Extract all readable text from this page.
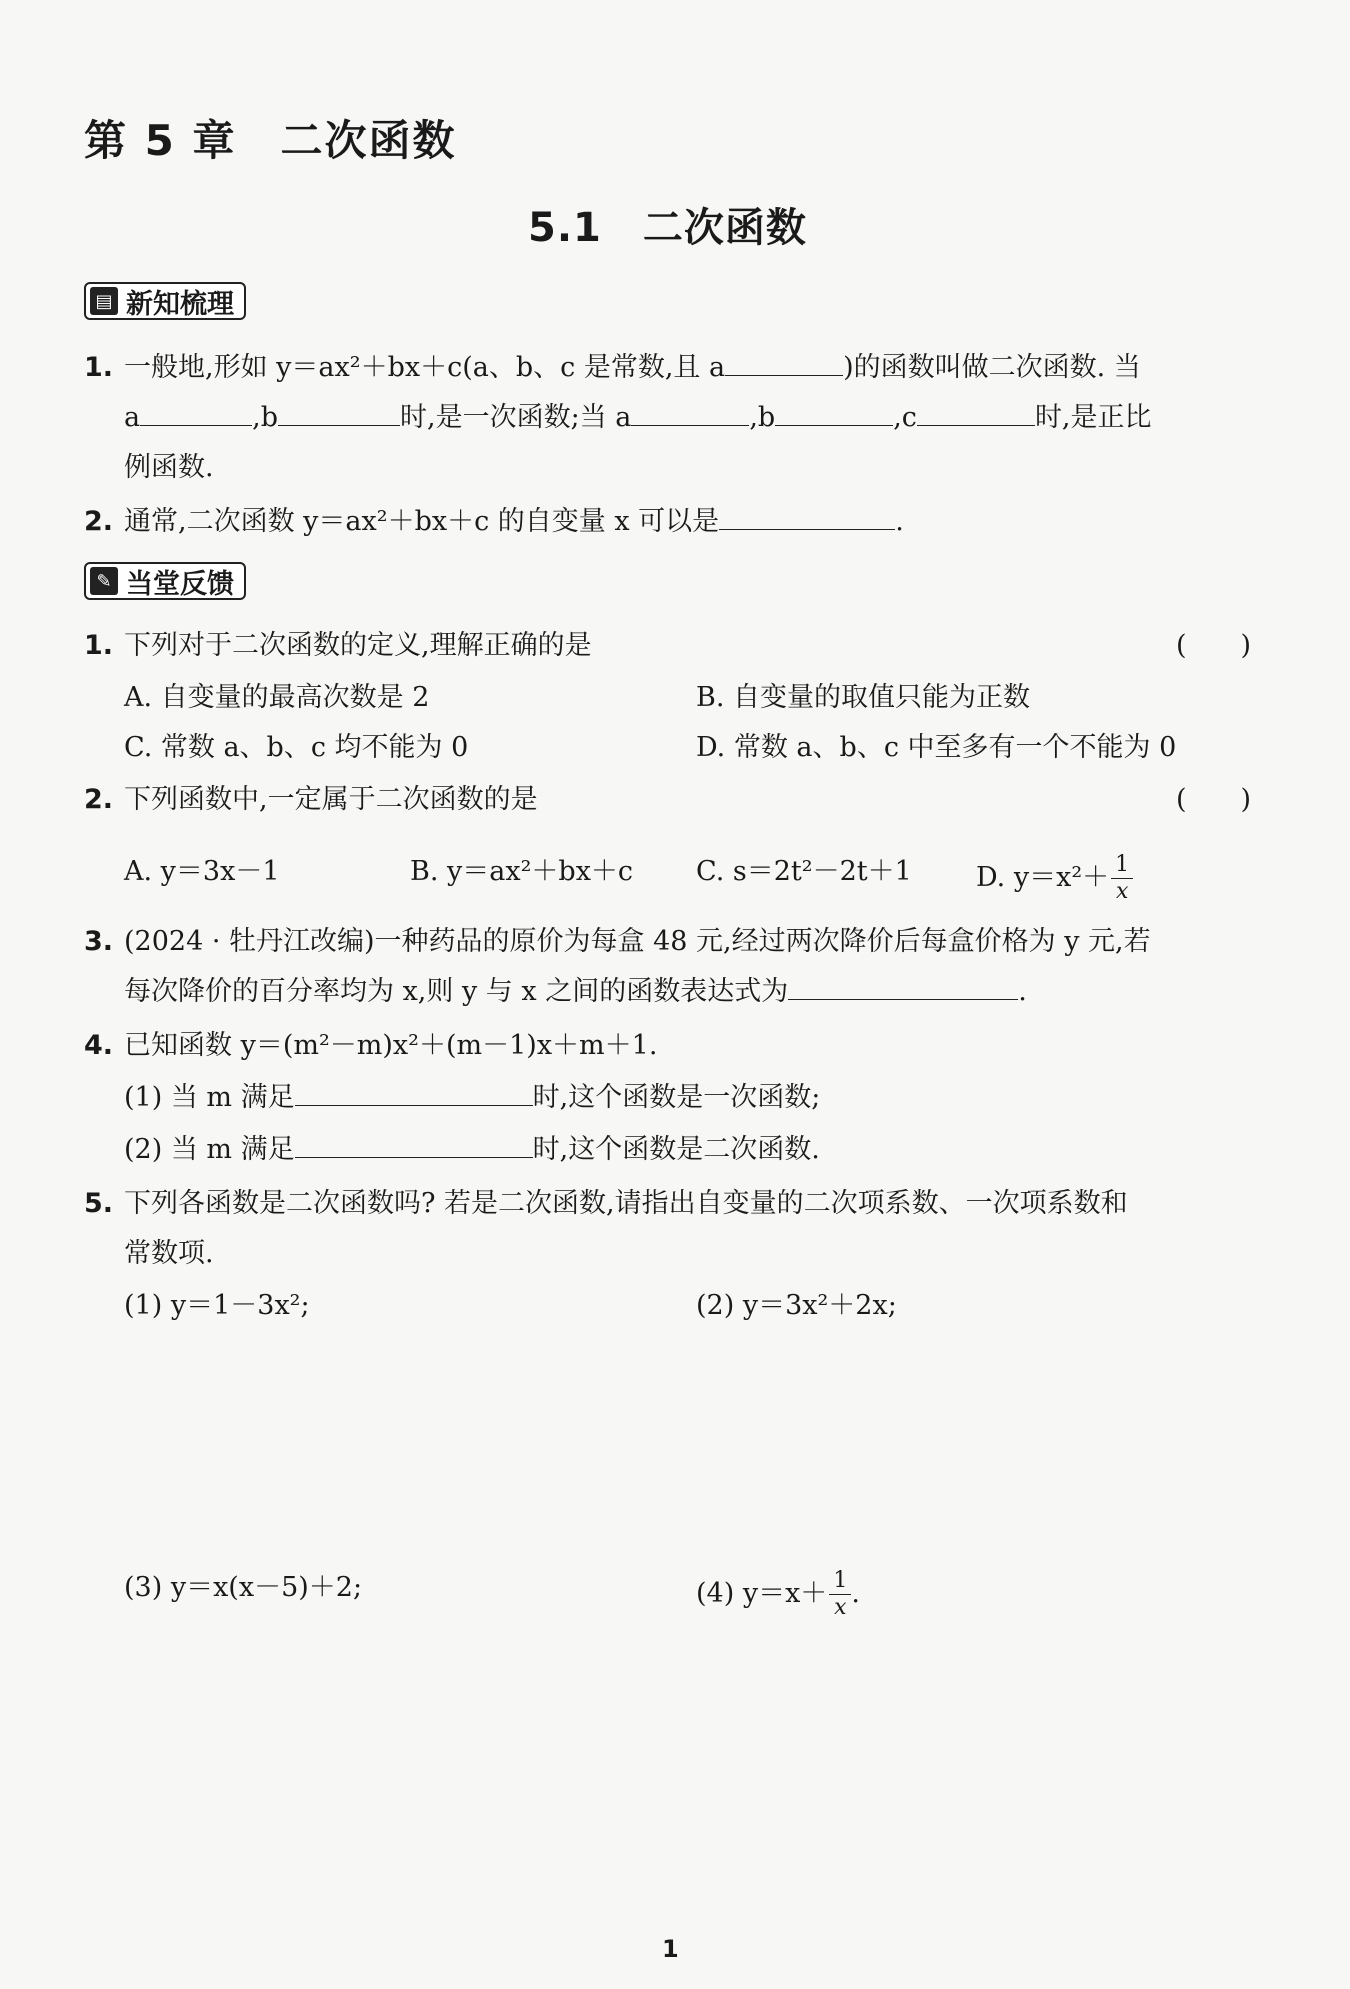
第 5 章　二次函数
5.1　二次函数
▤ 新知梳理
1. 一般地,形如 y＝ax²＋bx＋c(a、b、c 是常数,且 a	)的函数叫做二次函数. 当
a	,b	时,是一次函数;当 a	,b	,c	时,是正比
例函数.
2. 通常,二次函数 y＝ax²＋bx＋c 的自变量 x 可以是	.
✎ 当堂反馈
1. 下列对于二次函数的定义,理解正确的是	(　　)
A. 自变量的最高次数是 2	B. 自变量的取值只能为正数
C. 常数 a、b、c 均不能为 0	D. 常数 a、b、c 中至多有一个不能为 0
2. 下列函数中,一定属于二次函数的是	(　　)
A. y＝3x－1	B. y＝ax²＋bx＋c C. s＝2t²－2t＋1 D. $y=x^2+ \frac{1}{x}$
3. (2024 · 牡丹江改编)一种药品的原价为每盒 48 元,经过两次降价后每盒价格为 y 元,若
每次降价的百分率均为 x,则 y 与 x 之间的函数表达式为	.
4. 已知函数 y＝(m²－m)x²＋(m－1)x＋m＋1.
(1) 当 m 满足	时,这个函数是一次函数;
(2) 当 m 满足	时,这个函数是二次函数.
5. 下列各函数是二次函数吗? 若是二次函数,请指出自变量的二次项系数、一次项系数和
常数项.
(1) y＝1－3x²;	(2) y＝3x²＋2x;
(3) y＝x(x－5)＋2;	(4) $y=x+ \frac{1}{x}$ .
1
